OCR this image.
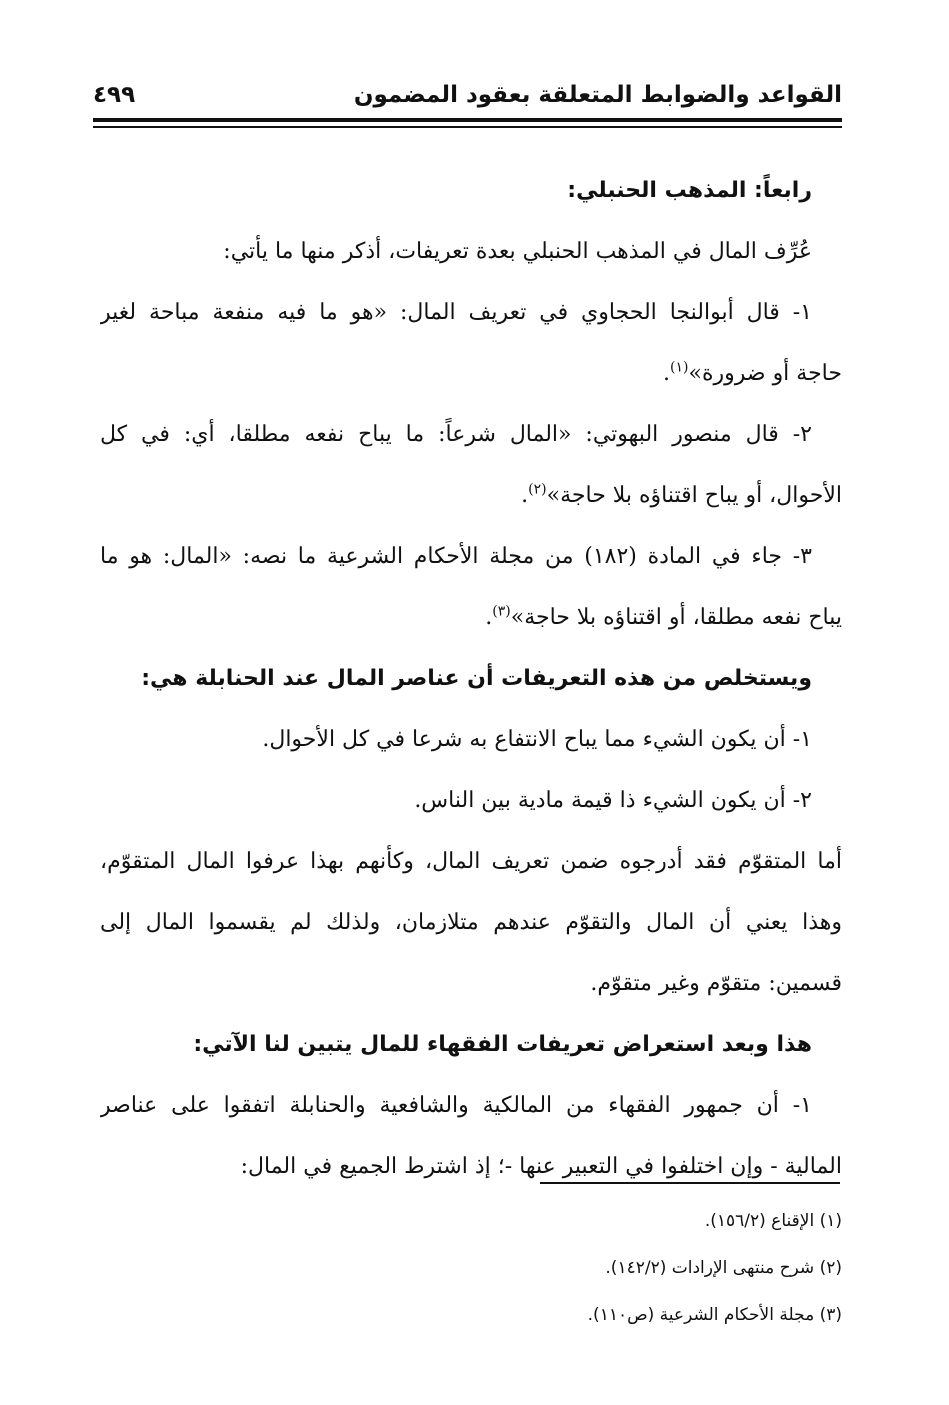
القواعد والضوابط المتعلقة بعقود المضمون
٤٩٩
رابعاً: المذهب الحنبلي:
عُرِّف المال في المذهب الحنبلي بعدة تعريفات، أذكر منها ما يأتي:
١- قال أبوالنجا الحجاوي في تعريف المال: «هو ما فيه منفعة مباحة لغير
حاجة أو ضرورة»$^{(١)}$.
٢- قال منصور البهوتي: «المال شرعاً: ما يباح نفعه مطلقا، أي: في كل
الأحوال، أو يباح اقتناؤه بلا حاجة»$^{(٢)}$.
٣- جاء في المادة (١٨٢) من مجلة الأحكام الشرعية ما نصه: «المال: هو ما
يباح نفعه مطلقا، أو اقتناؤه بلا حاجة»$^{(٣)}$.
ويستخلص من هذه التعريفات أن عناصر المال عند الحنابلة هي:
١- أن يكون الشيء مما يباح الانتفاع به شرعا في كل الأحوال.
٢- أن يكون الشيء ذا قيمة مادية بين الناس.
أما المتقوّم فقد أدرجوه ضمن تعريف المال، وكأنهم بهذا عرفوا المال المتقوّم،
وهذا يعني أن المال والتقوّم عندهم متلازمان، ولذلك لم يقسموا المال إلى
قسمين: متقوّم وغير متقوّم.
هذا وبعد استعراض تعريفات الفقهاء للمال يتبين لنا الآتي:
١- أن جمهور الفقهاء من المالكية والشافعية والحنابلة اتفقوا على عناصر
المالية - وإن اختلفوا في التعبير عنها -؛ إذ اشترط الجميع في المال:
(١) الإقناع (١٥٦/٢).
(٢) شرح منتهى الإرادات (١٤٢/٢).
(٣) مجلة الأحكام الشرعية (ص١١٠).
